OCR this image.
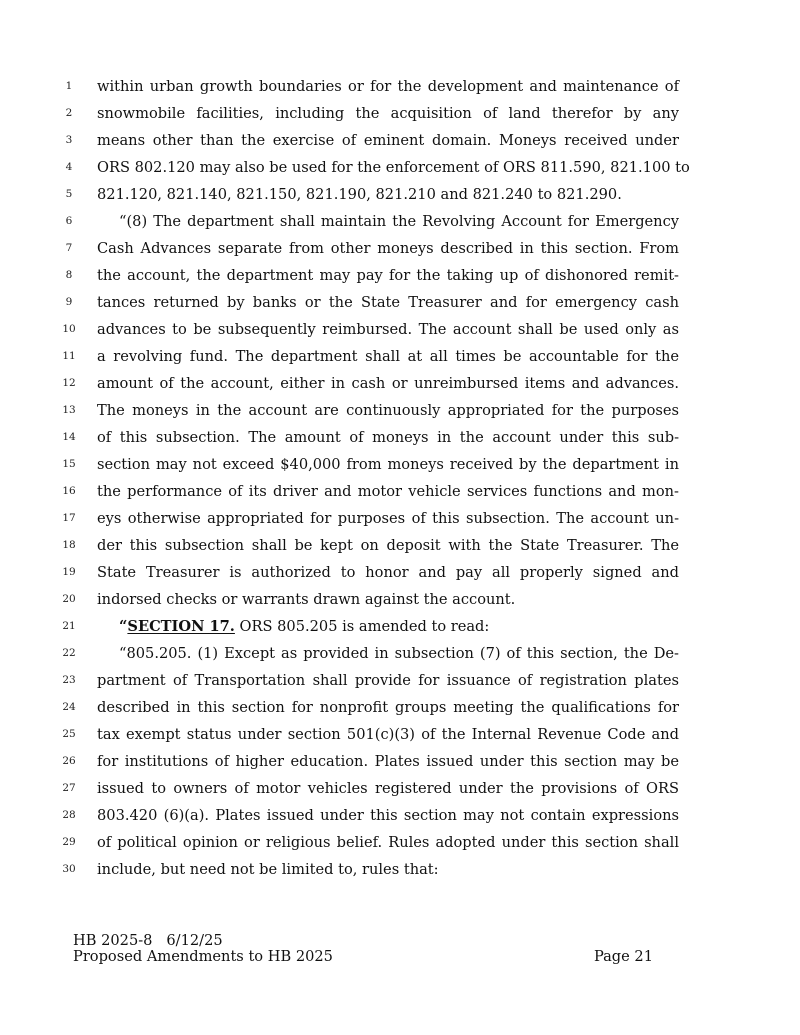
1	within urban growth boundaries or for the development and maintenance of
2	snowmobile facilities, including the acquisition of land therefor by any
3	means other than the exercise of eminent domain. Moneys received under
4	ORS 802.120 may also be used for the enforcement of ORS 811.590, 821.100 to
5	821.120, 821.140, 821.150, 821.190, 821.210 and 821.240 to 821.290.
6	“(8) The department shall maintain the Revolving Account for Emergency
7	Cash Advances separate from other moneys described in this section. From
8	the account, the department may pay for the taking up of dishonored remit-
9	tances returned by banks or the State Treasurer and for emergency cash
10 advances to be subsequently reimbursed. The account shall be used only as
11 a revolving fund. The department shall at all times be accountable for the
12 amount of the account, either in cash or unreimbursed items and advances.
13 The moneys in the account are continuously appropriated for the purposes
14 of this subsection. The amount of moneys in the account under this sub-
15 section may not exceed $40,000 from moneys received by the department in
16 the performance of its driver and motor vehicle services functions and mon-
17 eys otherwise appropriated for purposes of this subsection. The account un-
18 der this subsection shall be kept on deposit with the State Treasurer. The
19 State Treasurer is authorized to honor and pay all properly signed and
20 indorsed checks or warrants drawn against the account.
21	“SECTION 17. ORS 805.205 is amended to read:
22	“805.205. (1) Except as provided in subsection (7) of this section, the De-
23 partment of Transportation shall provide for issuance of registration plates
24 described in this section for nonprofit groups meeting the qualifications for
25 tax exempt status under section 501(c)(3) of the Internal Revenue Code and
26 for institutions of higher education. Plates issued under this section may be
27 issued to owners of motor vehicles registered under the provisions of ORS
28 803.420 (6)(a). Plates issued under this section may not contain expressions
29 of political opinion or religious belief. Rules adopted under this section shall
30 include, but need not be limited to, rules that:
HB 2025-8 6/12/25
Proposed Amendments to HB 2025	Page 21
